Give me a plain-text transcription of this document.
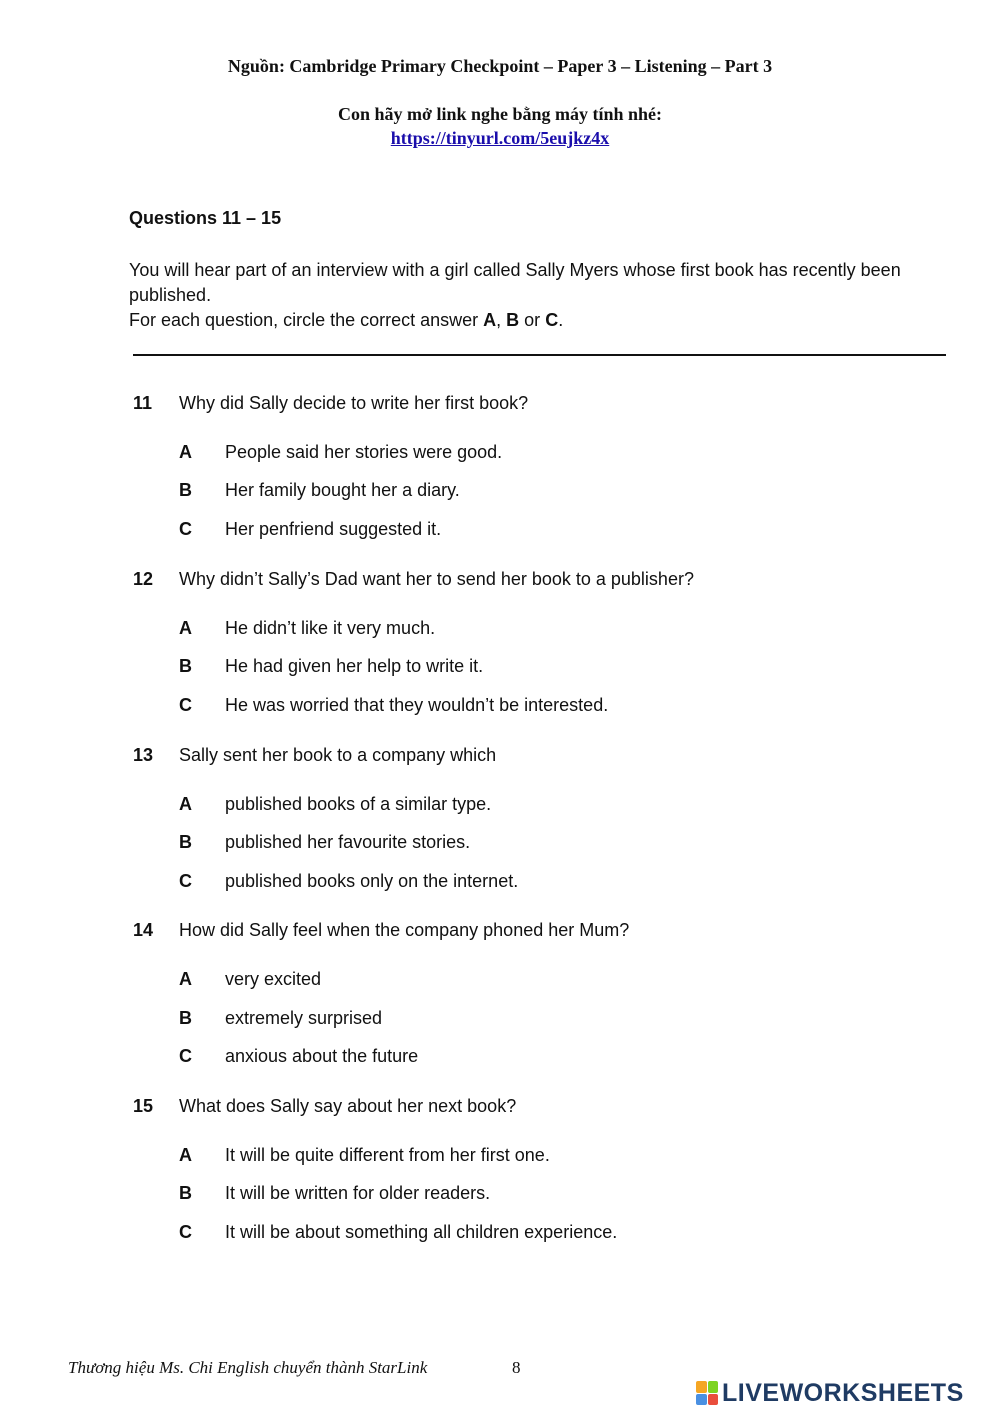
Nguồn: Cambridge Primary Checkpoint – Paper 3 – Listening – Part 3
Con hãy mở link nghe bằng máy tính nhé:
https://tinyurl.com/5eujkz4x
Questions 11 – 15
You will hear part of an interview with a girl called Sally Myers whose first book has recently been published.
For each question, circle the correct answer A, B or C.
11 Why did Sally decide to write her first book?
A People said her stories were good.
B Her family bought her a diary.
C Her penfriend suggested it.
12 Why didn’t Sally’s Dad want her to send her book to a publisher?
A He didn’t like it very much.
B He had given her help to write it.
C He was worried that they wouldn’t be interested.
13 Sally sent her book to a company which
A published books of a similar type.
B published her favourite stories.
C published books only on the internet.
14 How did Sally feel when the company phoned her Mum?
A very excited
B extremely surprised
C anxious about the future
15 What does Sally say about her next book?
A It will be quite different from her first one.
B It will be written for older readers.
C It will be about something all children experience.
Thương hiệu Ms. Chi English chuyển thành StarLink	8
LIVEWORKSHEETS
